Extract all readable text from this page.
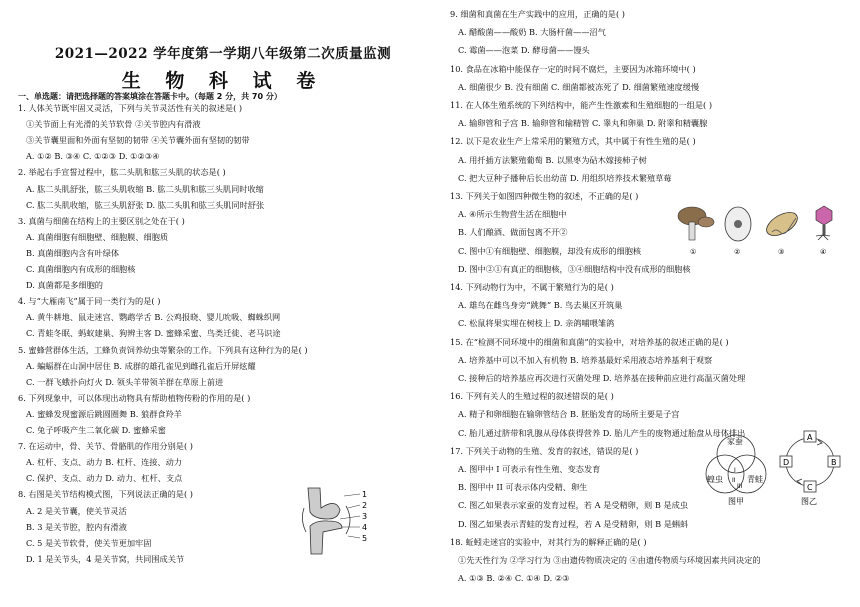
2021—2022 学年度第一学期八年级第二次质量监测
生 物 科 试 卷
一、单选题：请把选择题的答案填涂在答题卡中。（每题 2 分，共 70 分）
1. 人体关节既牢固又灵活，下列与关节灵活性有关的叙述是( )
①关节面上有光滑的关节软骨 ②关节腔内有滑液
③关节囊里面和外面有坚韧的韧带 ④关节囊外面有坚韧的韧带
A. ①② B. ③④ C. ①②③ D. ①②③④
2. 举起右手宣誓过程中，肱二头肌和肱三头肌的状态是( )
A. 肱二头肌舒张，肱三头肌收缩 B. 肱二头肌和肱三头肌同时收缩
C. 肱二头肌收缩，肱三头肌舒张 D. 肱二头肌和肱三头肌同时舒张
3. 真菌与细菌在结构上的主要区别之处在于( )
A. 真菌细胞有细胞壁、细胞膜、细胞质
B. 真菌细胞内含有叶绿体
C. 真菌细胞内有成形的细胞核
D. 真菌都是多细胞的
4. 与“大雁南飞”属于同一类行为的是( )
A. 黄牛耕地、鼠走迷宫、鹦鹉学舌 B. 公鸡报晓、婴儿吮吸、蜘蛛织网
C. 青蛙冬眠、蚂蚁建巢、狗辨主客 D. 蜜蜂采蜜、鸟类迁徙、老马识途
5. 蜜蜂营群体生活，工蜂负责饲养幼虫等繁杂的工作。下列具有这种行为的是( )
A. 蝙蝠群在山洞中居住 B. 成群的雄孔雀见到雌孔雀后开屏炫耀
C. 一群飞蛾扑向灯火 D. 领头羊带领羊群在草原上前进
6. 下列现象中，可以体现出动物具有帮助植物传粉的作用的是( )
A. 蜜蜂发现蜜源后跳圆圈舞 B. 狼群食羚羊
C. 兔子呼吸产生二氧化碳 D. 蜜蜂采蜜
7. 在运动中，骨、关节、骨骼肌的作用分别是( )
A. 杠杆、支点、动力 B. 杠杆、连接、动力
C. 保护、支点、动力 D. 动力、杠杆、支点
8. 右图是关节结构模式图，下列说法正确的是( )
A. 2 是关节囊，使关节灵活
B. 3 是关节腔，腔内有滑液
C. 5 是关节软骨，使关节更加牢固
D. 1 是关节头，4 是关节窝，共同围成关节
1
2
3
4
5
9. 细菌和真菌在生产实践中的应用，正确的是( )
A. 醋酸菌——酸奶 B. 大肠杆菌——沼气
C. 霉菌——泡菜 D. 酵母菌——馒头
10. 食品在冰箱中能保存一定的时间不腐烂，主要因为冰箱环境中( )
A. 细菌很少 B. 没有细菌 C. 细菌都被冻死了 D. 细菌繁殖速度缓慢
11. 在人体生殖系统的下列结构中，能产生性激素和生殖细胞的一组是( )
A. 输卵管和子宫 B. 输卵管和输精管 C. 睾丸和卵巢 D. 附睾和精囊腺
12. 以下是农业生产上常采用的繁殖方式，其中属于有性生殖的是( )
A. 用扦插方法繁殖葡萄 B. 以黑枣为砧木嫁接柿子树
C. 把大豆种子播种后长出幼苗 D. 用组织培养技术繁殖草莓
13. 下列关于如图四种微生物的叙述，不正确的是( )
A. ④所示生物营生活在细胞中
B. 人们酿酒、做面包离不开②
C. 图中①有细胞壁、细胞膜，却没有成形的细胞核
D. 图中②①有真正的细胞核，③④细胞结构中没有成形的细胞核
14. 下列动物行为中，不属于繁殖行为的是( )
A. 雄鸟在雌鸟身旁“跳舞” B. 鸟去巢区开筑巢
C. 松鼠将果实埋在树枝上 D. 亲鸽哺喂雏鸽
15. 在“检测不同环境中的细菌和真菌”的实验中，对培养基的叙述正确的是( )
A. 培养基中可以不加入有机物 B. 培养基最好采用液态培养基利于观察
C. 接种后的培养基应再次进行灭菌处理 D. 培养基在接种前应进行高温灭菌处理
16. 下列有关人的生殖过程的叙述错误的是( )
A. 精子和卵细胞在输卵管结合 B. 胚胎发育的场所主要是子宫
C. 胎儿通过脐带和乳腺从母体获得营养 D. 胎儿产生的废物通过胎盘从母体排出
17. 下列关于动物的生殖、发育的叙述，错误的是( )
A. 图甲中 I 可表示有性生殖、变态发育
B. 图甲中 II 可表示体内受精、卵生
C. 图乙如果表示家蚕的发育过程，若 A 是受精卵，则 B 是成虫
D. 图乙如果表示青蛙的发育过程，若 A 是受精卵，则 B 是蝌蚪
18. 蚯蚓走迷宫的实验中，对其行为的解释正确的是( )
①先天性行为 ②学习行为 ③由遗传物质决定的 ④由遗传物质与环境因素共同决定的
A. ①③ B. ②④ C. ①④ D. ②③
①	②	③	④
家蚕
蝗虫	青蛙
I
II
III
图甲
A
B
C
D
图乙
